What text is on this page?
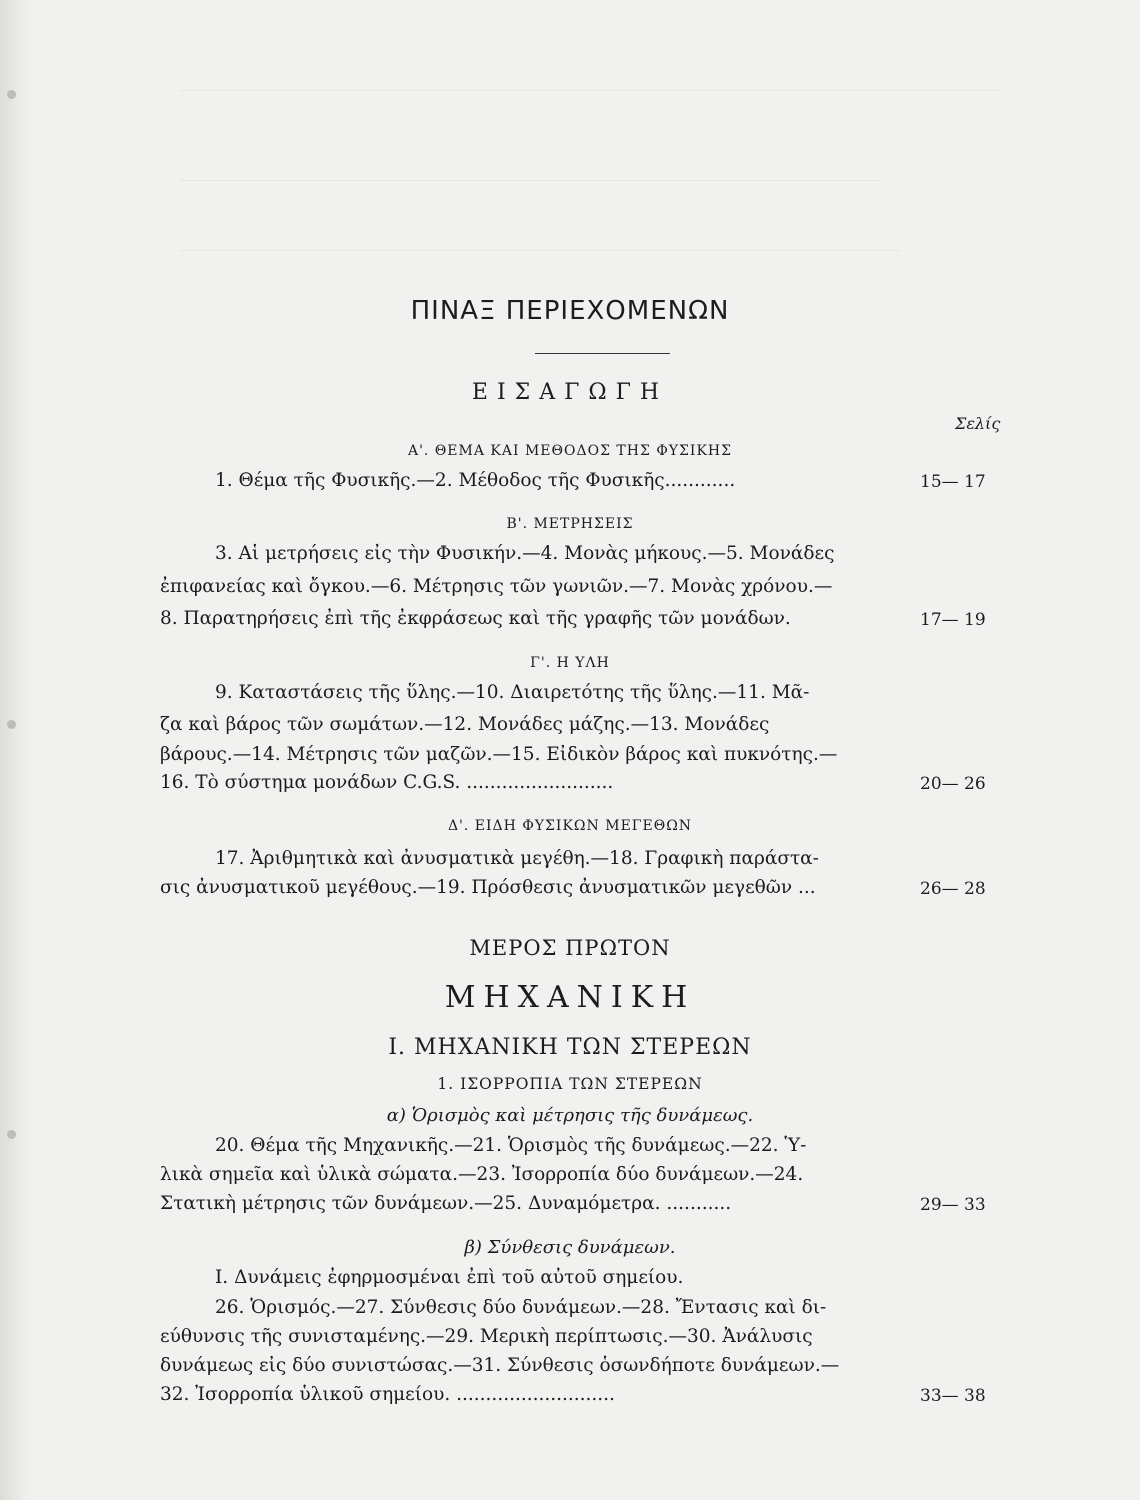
ΠΙΝΑΞ ΠΕΡΙΕΧΟΜΕΝΩΝ
ΕΙΣΑΓΩΓΗ
Σελίς
Α'. ΘΕΜΑ ΚΑΙ ΜΕΘΟΔΟΣ ΤΗΣ ΦΥΣΙΚΗΣ
1. Θέμα τῆς Φυσικῆς.—2. Μέθοδος τῆς Φυσικῆς............	15— 17
Β'. ΜΕΤΡΗΣΕΙΣ
3. Αἱ μετρήσεις εἰς τὴν Φυσικήν.—4. Μονὰς μήκους.—5. Μονάδες
ἐπιφανείας καὶ ὄγκου.—6. Μέτρησις τῶν γωνιῶν.—7. Μονὰς χρόνου.—
8. Παρατηρήσεις ἐπὶ τῆς ἐκφράσεως καὶ τῆς γραφῆς τῶν μονάδων.	17— 19
Γ'. Η ΥΛΗ
9. Καταστάσεις τῆς ὕλης.—10. Διαιρετότης τῆς ὕλης.—11. Μᾶ-
ζα καὶ βάρος τῶν σωμάτων.—12. Μονάδες μάζης.—13. Μονάδες
βάρους.—14. Μέτρησις τῶν μαζῶν.—15. Εἰδικὸν βάρος καὶ πυκνότης.—
16. Τὸ σύστημα μονάδων C.G.S. .........................	20— 26
Δ'. ΕΙΔΗ ΦΥΣΙΚΩΝ ΜΕΓΕΘΩΝ
17. Ἀριθμητικὰ καὶ ἀνυσματικὰ μεγέθη.—18. Γραφικὴ παράστα-
σις ἀνυσματικοῦ μεγέθους.—19. Πρόσθεσις ἀνυσματικῶν μεγεθῶν ...	26— 28
ΜΕΡΟΣ ΠΡΩΤΟΝ
ΜΗΧΑΝΙΚΗ
Ι. ΜΗΧΑΝΙΚΗ ΤΩΝ ΣΤΕΡΕΩΝ
1. ΙΣΟΡΡΟΠΙΑ ΤΩΝ ΣΤΕΡΕΩΝ
α) Ὁρισμὸς καὶ μέτρησις τῆς δυνάμεως.
20. Θέμα τῆς Μηχανικῆς.—21. Ὁρισμὸς τῆς δυνάμεως.—22. Ὑ-
λικὰ σημεῖα καὶ ὑλικὰ σώματα.—23. Ἰσορροπία δύο δυνάμεων.—24.
Στατικὴ μέτρησις τῶν δυνάμεων.—25. Δυναμόμετρα. ...........	29— 33
β) Σύνθεσις δυνάμεων.
Ι. Δυνάμεις ἐφηρμοσμέναι ἐπὶ τοῦ αὐτοῦ σημείου.
26. Ὁρισμός.—27. Σύνθεσις δύο δυνάμεων.—28. Ἔντασις καὶ δι-
εύθυνσις τῆς συνισταμένης.—29. Μερικὴ περίπτωσις.—30. Ἀνάλυσις
δυνάμεως εἰς δύο συνιστώσας.—31. Σύνθεσις ὁσωνδήποτε δυνάμεων.—
32. Ἰσορροπία ὑλικοῦ σημείου. ...........................	33— 38
